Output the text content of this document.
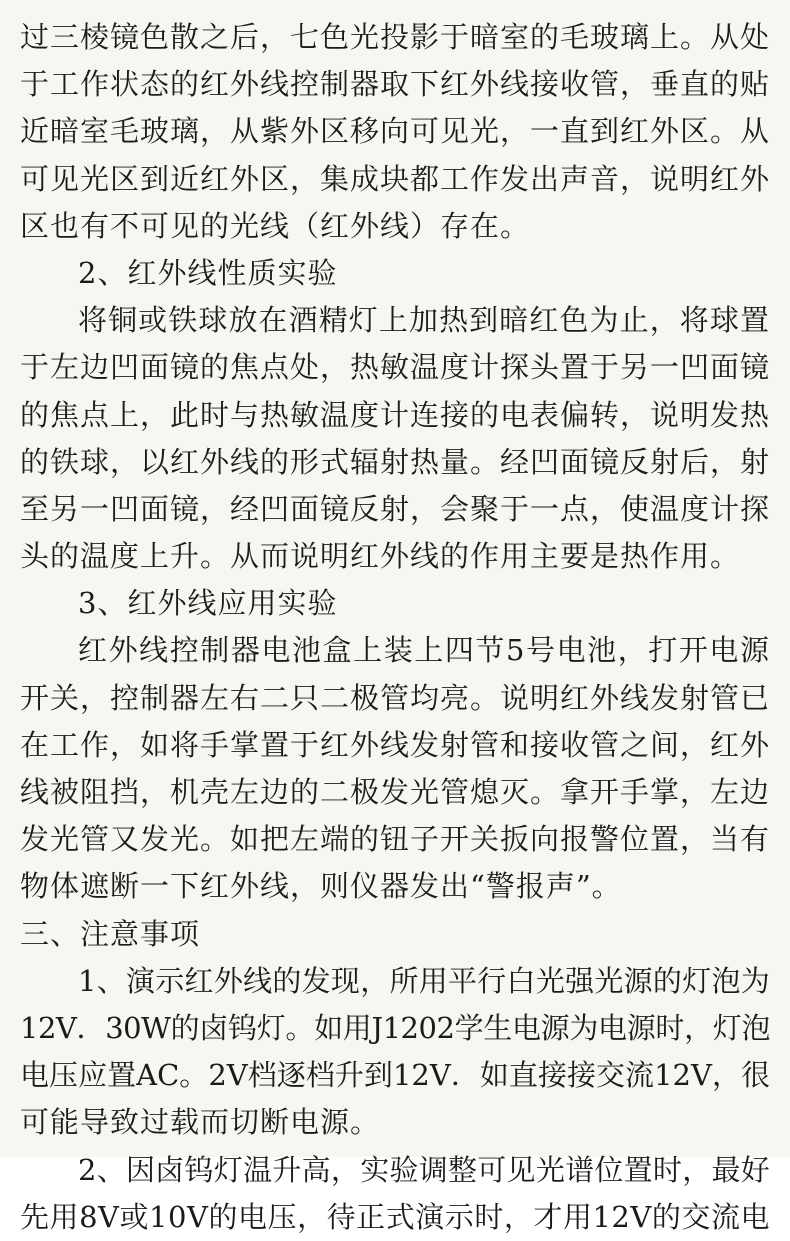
过三棱镜色散之后，七色光投影于暗室的毛玻璃上。从处
于工作状态的红外线控制器取下红外线接收管，垂直的贴
近暗室毛玻璃，从紫外区移向可见光，一直到红外区。从
可见光区到近红外区，集成块都工作发出声音，说明红外
区也有不可见的光线（红外线）存在。
2、红外线性质实验
将铜或铁球放在酒精灯上加热到暗红色为止，将球置
于左边凹面镜的焦点处，热敏温度计探头置于另一凹面镜
的焦点上，此时与热敏温度计连接的电表偏转，说明发热
的铁球，以红外线的形式辐射热量。经凹面镜反射后，射
至另一凹面镜，经凹面镜反射，会聚于一点，使温度计探
头的温度上升。从而说明红外线的作用主要是热作用。
3、红外线应用实验
红外线控制器电池盒上装上四节5号电池，打开电源
开关，控制器左右二只二极管均亮。说明红外线发射管已
在工作，如将手掌置于红外线发射管和接收管之间，红外
线被阻挡，机壳左边的二极发光管熄灭。拿开手掌，左边
发光管又发光。如把左端的钮子开关扳向报警位置，当有
物体遮断一下红外线，则仪器发出“警报声”。
三、注意事项
1、演示红外线的发现，所用平行白光强光源的灯泡为
12V．30W的卤钨灯。如用J1202学生电源为电源时，灯泡
电压应置AC。2V档逐档升到12V．如直接接交流12V，很
可能导致过载而切断电源。
2、因卤钨灯温升高，实验调整可见光谱位置时，最好
先用8V或10V的电压，待正式演示时，才用12V的交流电
